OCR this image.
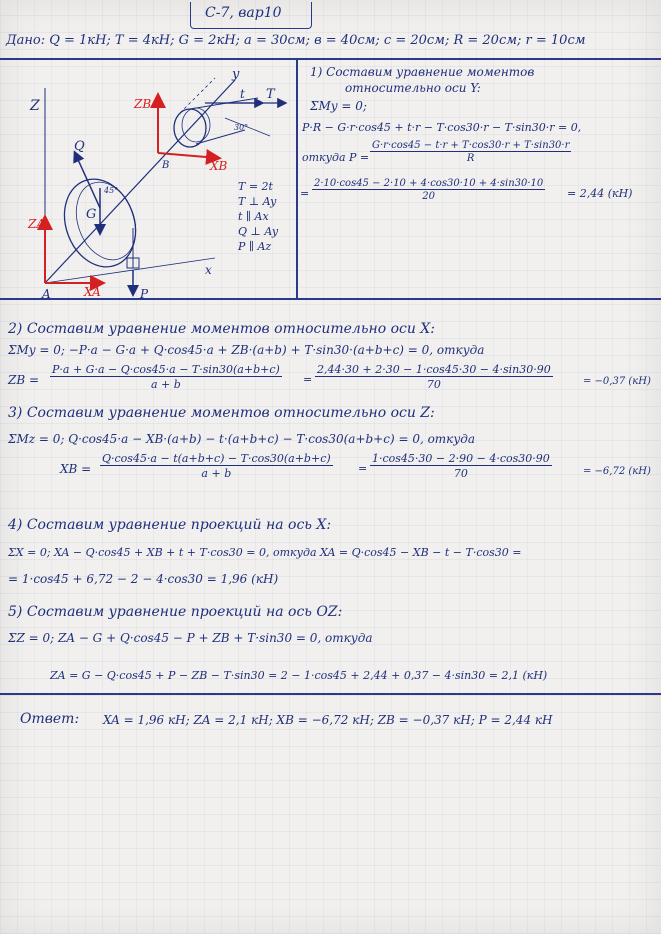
С-7, вар10
Дано: Q = 1кН; T = 4кН; G = 2кН; a = 30см; в = 40см; с = 20см; R = 20см; r = 10см
Z
y
x
Q
G
P
A
B
ZA
XA
ZB
XB
t T
30°
45°	T = 2t
T ⊥ Ay
t ∥ Ax
Q ⊥ Ay
P ∥ Az
1) Составим уравнение моментов
относительно оси Y:
ΣMy = 0;
P·R − G·r·cos45 + t·r − T·cos30·r − T·sin30·r = 0,
откуда $P = \frac{G\cdot r\cdot\cos 45 - t\cdot r + T\cdot\cos 30\cdot r + T\cdot\sin 30\cdot r}{R}$
= $\frac{2\cdot 10\cdot\cos 45 - 2\cdot 10 + 4\cdot\cos 30\cdot 10 + 4\cdot\sin 30\cdot 10}{20} = 2,44$ (кН)
2) Составим уравнение моментов относительно оси X:
ΣMy = 0; −P·a − G·a + Q·cos45·a + ZB·(a+b) + T·sin30·(a+b+c) = 0, откуда
ZB = $\frac{P\cdot a + G\cdot a - Q\cdot\cos 45\cdot a - T\cdot\sin 30(a+b+c)}{a + b} = \frac{2,44\cdot 30 + 2\cdot 30 - 1\cdot\cos 45\cdot 30 - 4\cdot\sin 30\cdot 90}{70}$	= −0,37 (кН)
3) Составим уравнение моментов относительно оси Z:
ΣMz = 0; Q·cos45·a − XB·(a+b) − t·(a+b+c) − T·cos30(a+b+c) = 0, откуда
XB = $\frac{Q\cdot\cos 45\cdot a - t(a+b+c) - T\cdot\cos 30(a+b+c)}{a + b} = \frac{1\cdot\cos 45\cdot 30 - 2\cdot 90 - 4\cdot\cos 30\cdot 90}{70}$	= −6,72 (кН)
4) Составим уравнение проекций на ось X:
ΣX = 0; XA − Q·cos45 + XB + t + T·cos30 = 0, откуда XA = Q·cos45 − XB − t − T·cos30 =
= 1·cos45 + 6,72 − 2 − 4·cos30 = 1,96 (кН)
5) Составим уравнение проекций на ось OZ:
ΣZ = 0; ZA − G + Q·cos45 − P + ZB + T·sin30 = 0, откуда
ZA = G − Q·cos45 + P − ZB − T·sin30 = 2 − 1·cos45 + 2,44 + 0,37 − 4·sin30 = 2,1 (кН)
Ответ: XA = 1,96 кН; ZA = 2,1 кН; XB = −6,72 кН; ZB = −0,37 кН; P = 2,44 кН
